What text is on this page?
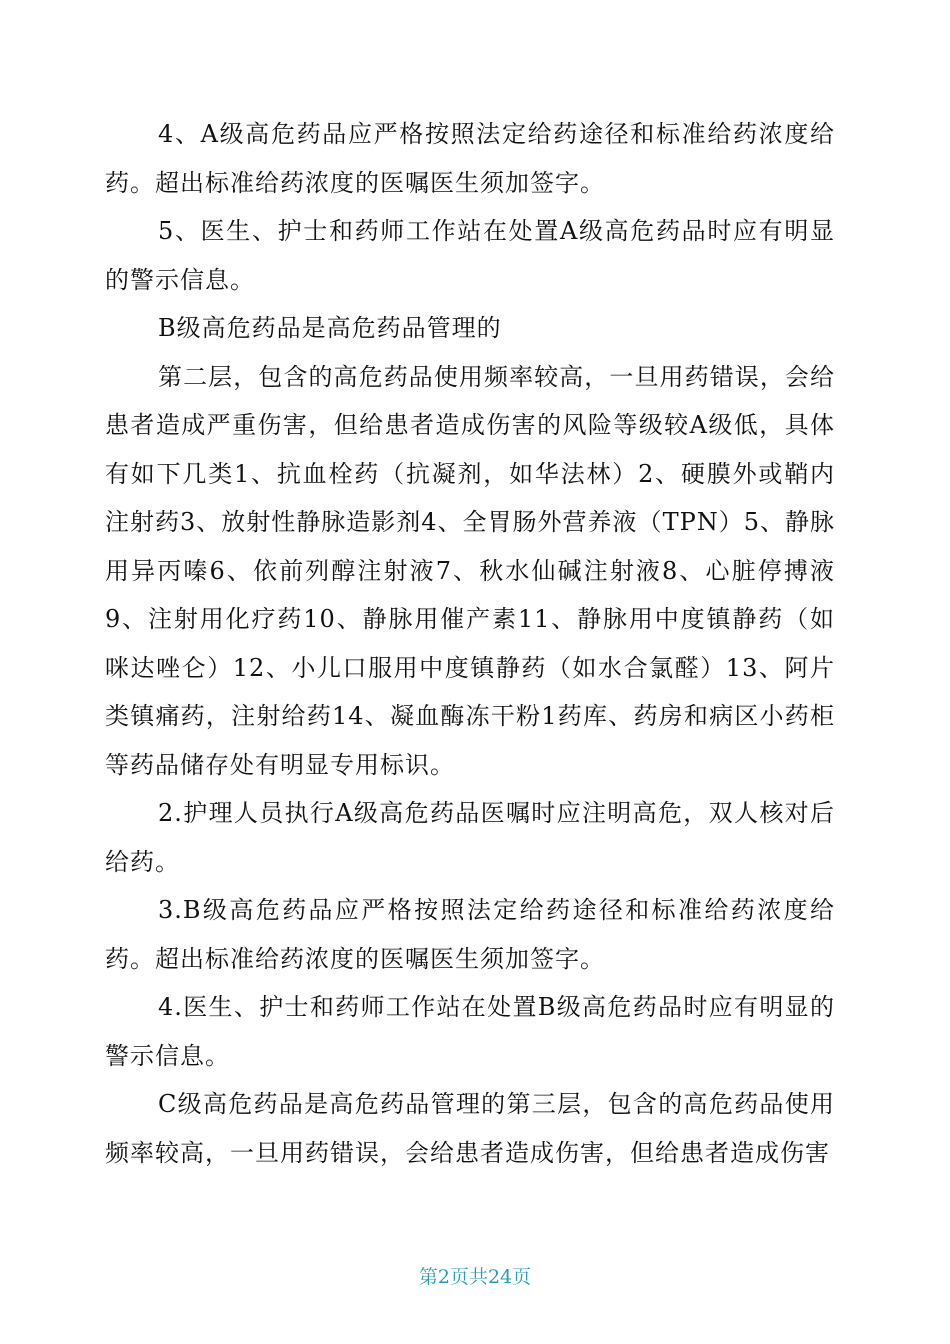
4、A级高危药品应严格按照法定给药途径和标准给药浓度给药。超出标准给药浓度的医嘱医生须加签字。

5、医生、护士和药师工作站在处置A级高危药品时应有明显的警示信息。

B级高危药品是高危药品管理的

第二层，包含的高危药品使用频率较高，一旦用药错误，会给患者造成严重伤害，但给患者造成伤害的风险等级较A级低，具体有如下几类1、抗血栓药（抗凝剂，如华法林）2、硬膜外或鞘内注射药3、放射性静脉造影剂4、全胃肠外营养液（TPN）5、静脉用异丙嗪6、依前列醇注射液7、秋水仙碱注射液8、心脏停搏液9、注射用化疗药10、静脉用催产素11、静脉用中度镇静药（如咪达唑仑）12、小儿口服用中度镇静药（如水合氯醛）13、阿片类镇痛药，注射给药14、凝血酶冻干粉1药库、药房和病区小药柜等药品储存处有明显专用标识。

2.护理人员执行A级高危药品医嘱时应注明高危，双人核对后给药。

3.B级高危药品应严格按照法定给药途径和标准给药浓度给药。超出标准给药浓度的医嘱医生须加签字。

4.医生、护士和药师工作站在处置B级高危药品时应有明显的警示信息。

C级高危药品是高危药品管理的第三层，包含的高危药品使用频率较高，一旦用药错误，会给患者造成伤害，但给患者造成伤害

第2页共24页
